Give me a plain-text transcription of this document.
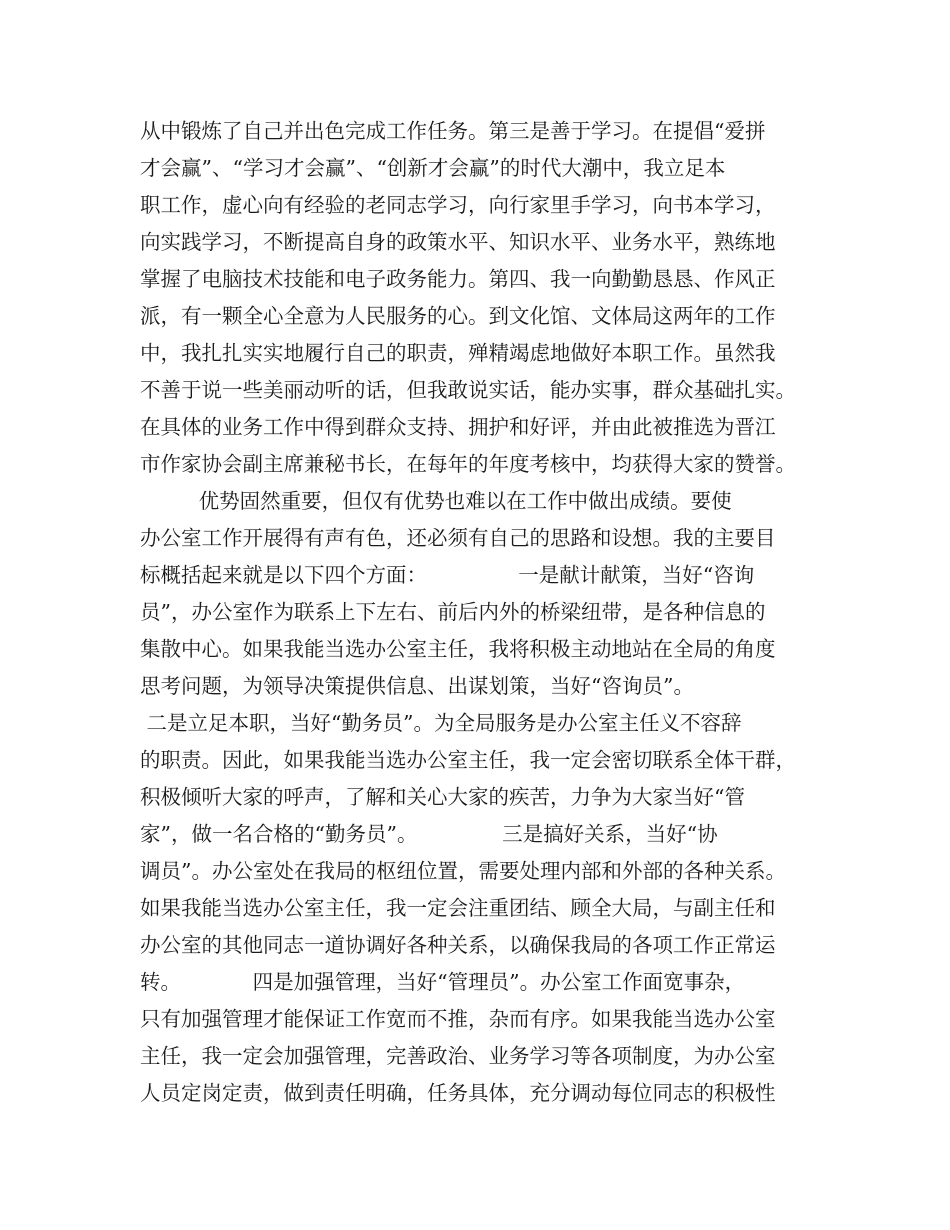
从中锻炼了自己并出色完成工作任务。第三是善于学习。在提倡“爱拼
才会赢”、“学习才会赢”、“创新才会赢”的时代大潮中，我立足本
职工作，虚心向有经验的老同志学习，向行家里手学习，向书本学习，
向实践学习，不断提高自身的政策水平、知识水平、业务水平，熟练地
掌握了电脑技术技能和电子政务能力。第四、我一向勤勤恳恳、作风正
派，有一颗全心全意为人民服务的心。到文化馆、文体局这两年的工作
中，我扎扎实实地履行自己的职责，殚精竭虑地做好本职工作。虽然我
不善于说一些美丽动听的话，但我敢说实话，能办实事，群众基础扎实。
在具体的业务工作中得到群众支持、拥护和好评，并由此被推选为晋江
市作家协会副主席兼秘书长，在每年的年度考核中，均获得大家的赞誉。
优势固然重要，但仅有优势也难以在工作中做出成绩。要使
办公室工作开展得有声有色，还必须有自己的思路和设想。我的主要目
标概括起来就是以下四个方面：              一是献计献策，当好“咨询
员”，办公室作为联系上下左右、前后内外的桥梁纽带，是各种信息的
集散中心。如果我能当选办公室主任，我将积极主动地站在全局的角度
思考问题，为领导决策提供信息、出谋划策，当好“咨询员”。
二是立足本职，当好“勤务员”。为全局服务是办公室主任义不容辞
的职责。因此，如果我能当选办公室主任，我一定会密切联系全体干群，
积极倾听大家的呼声，了解和关心大家的疾苦，力争为大家当好“管
家”，做一名合格的“勤务员”。             三是搞好关系，当好“协
调员”。办公室处在我局的枢纽位置，需要处理内部和外部的各种关系。
如果我能当选办公室主任，我一定会注重团结、顾全大局，与副主任和
办公室的其他同志一道协调好各种关系，以确保我局的各项工作正常运
转。           四是加强管理，当好“管理员”。办公室工作面宽事杂，
只有加强管理才能保证工作宽而不推，杂而有序。如果我能当选办公室
主任，我一定会加强管理，完善政治、业务学习等各项制度，为办公室
人员定岗定责，做到责任明确，任务具体，充分调动每位同志的积极性
